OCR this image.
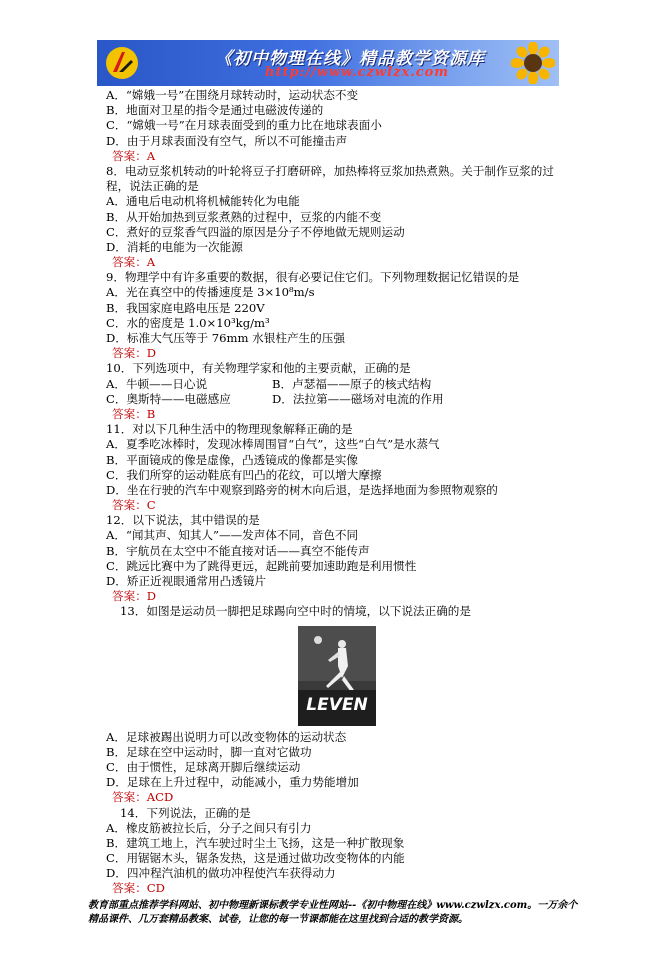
《初中物理在线》精品教学资源库
http://www.czwlzx.com
A．“嫦娥一号”在围绕月球转动时，运动状态不变
B．地面对卫星的指令是通过电磁波传递的
C．“嫦娥一号”在月球表面受到的重力比在地球表面小
D．由于月球表面没有空气，所以不可能撞击声
答案：A
8．电动豆浆机转动的叶轮将豆子打磨研碎，加热棒将豆浆加热煮熟。关于制作豆浆的过
程，说法正确的是
A．通电后电动机将机械能转化为电能
B．从开始加热到豆浆煮熟的过程中，豆浆的内能不变
C．煮好的豆浆香气四溢的原因是分子不停地做无规则运动
D．消耗的电能为一次能源
答案：A
9．物理学中有许多重要的数据，很有必要记住它们。下列物理数据记忆错误的是
A．光在真空中的传播速度是 3×10⁸m/s
B．我国家庭电路电压是 220V
C．水的密度是 1.0×10³kg/m³
D．标准大气压等于 76mm 水银柱产生的压强
答案：D
10．下列选项中，有关物理学家和他的主要贡献，正确的是
A．牛顿——日心说	B．卢瑟福——原子的核式结构
C．奥斯特——电磁感应	D．法拉第——磁场对电流的作用
答案：B
11．对以下几种生活中的物理现象解释正确的是
A．夏季吃冰棒时，发现冰棒周围冒“白气”，这些“白气”是水蒸气
B．平面镜成的像是虚像，凸透镜成的像都是实像
C．我们所穿的运动鞋底有凹凸的花纹，可以增大摩擦
D．坐在行驶的汽车中观察到路旁的树木向后退，是选择地面为参照物观察的
答案：C
12．以下说法，其中错误的是
A．“闻其声、知其人”——发声体不同，音色不同
B．宇航员在太空中不能直接对话——真空不能传声
C．跳远比赛中为了跳得更远，起跳前要加速助跑是利用惯性
D．矫正近视眼通常用凸透镜片
答案：D
13．如图是运动员一脚把足球踢向空中时的情境，以下说法正确的是
LEVEN
A．足球被踢出说明力可以改变物体的运动状态
B．足球在空中运动时，脚一直对它做功
C．由于惯性，足球离开脚后继续运动
D．足球在上升过程中，动能减小，重力势能增加
答案：ACD
14．下列说法，正确的是
A．橡皮筋被拉长后，分子之间只有引力
B．建筑工地上，汽车驶过时尘土飞扬，这是一种扩散现象
C．用锯锯木头，锯条发热，这是通过做功改变物体的内能
D．四冲程汽油机的做功冲程使汽车获得动力
答案：CD
教育部重点推荐学科网站、初中物理新课标教学专业性网站--《初中物理在线》www.czwlzx.com。一万余个
精品课件、几万套精品教案、试卷，让您的每一节课都能在这里找到合适的教学资源。
